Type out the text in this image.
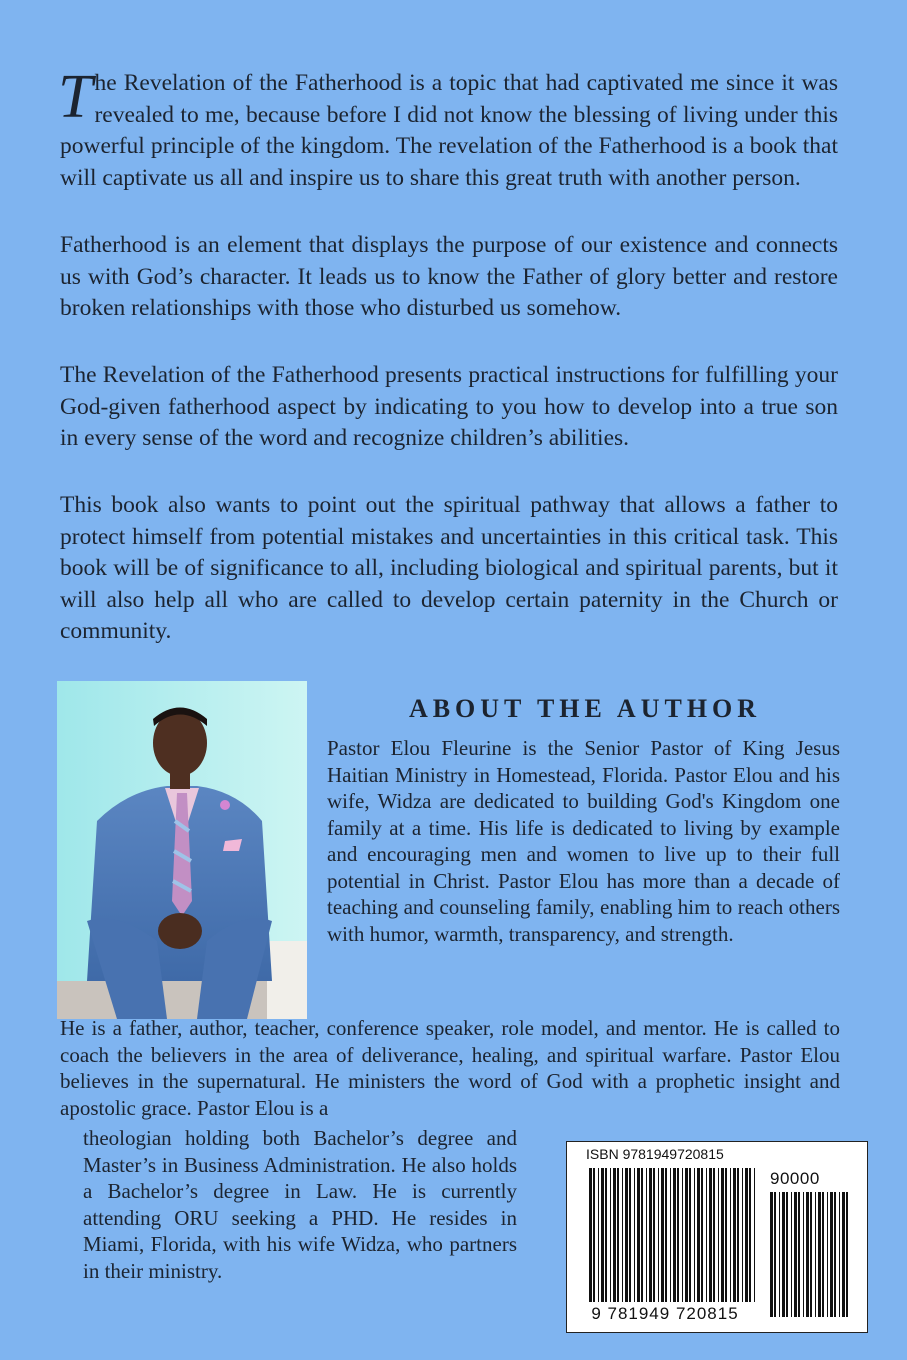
The Revelation of the Fatherhood is a topic that had captivated me since it was revealed to me, because before I did not know the blessing of living under this powerful principle of the kingdom. The revelation of the Fatherhood is a book that will captivate us all and inspire us to share this great truth with another person.

Fatherhood is an element that displays the purpose of our existence and connects us with God’s character. It leads us to know the Father of glory better and restore broken relationships with those who disturbed us somehow.

The Revelation of the Fatherhood presents practical instructions for fulfilling your God-given fatherhood aspect by indicating to you how to develop into a true son in every sense of the word and recognize children’s abilities.

This book also wants to point out the spiritual pathway that allows a father to protect himself from potential mistakes and uncertainties in this critical task. This book will be of significance to all, including biological and spiritual parents, but it will also help all who are called to develop certain paternity in the Church or community.

ABOUT THE AUTHOR

Pastor Elou Fleurine is the Senior Pastor of King Jesus Haitian Ministry in Homestead, Florida. Pastor Elou and his wife, Widza are dedicated to building God's Kingdom one family at a time. His life is dedicated to living by example and encouraging men and women to live up to their full potential in Christ. Pastor Elou has more than a decade of teaching and counseling family, enabling him to reach others with humor, warmth, transparency, and strength.

He is a father, author, teacher, conference speaker, role model, and mentor. He is called to coach the believers in the area of deliverance, healing, and spiritual warfare. Pastor Elou believes in the supernatural. He ministers the word of God with a prophetic insight and apostolic grace. Pastor Elou is a

theologian holding both Bachelor’s degree and Master’s in Business Administration. He also holds a Bachelor’s degree in Law. He is currently attending ORU seeking a PHD. He resides in Miami, Florida, with his wife Widza, who partners in their ministry.

ISBN 9781949720815
90000
9 781949 720815
